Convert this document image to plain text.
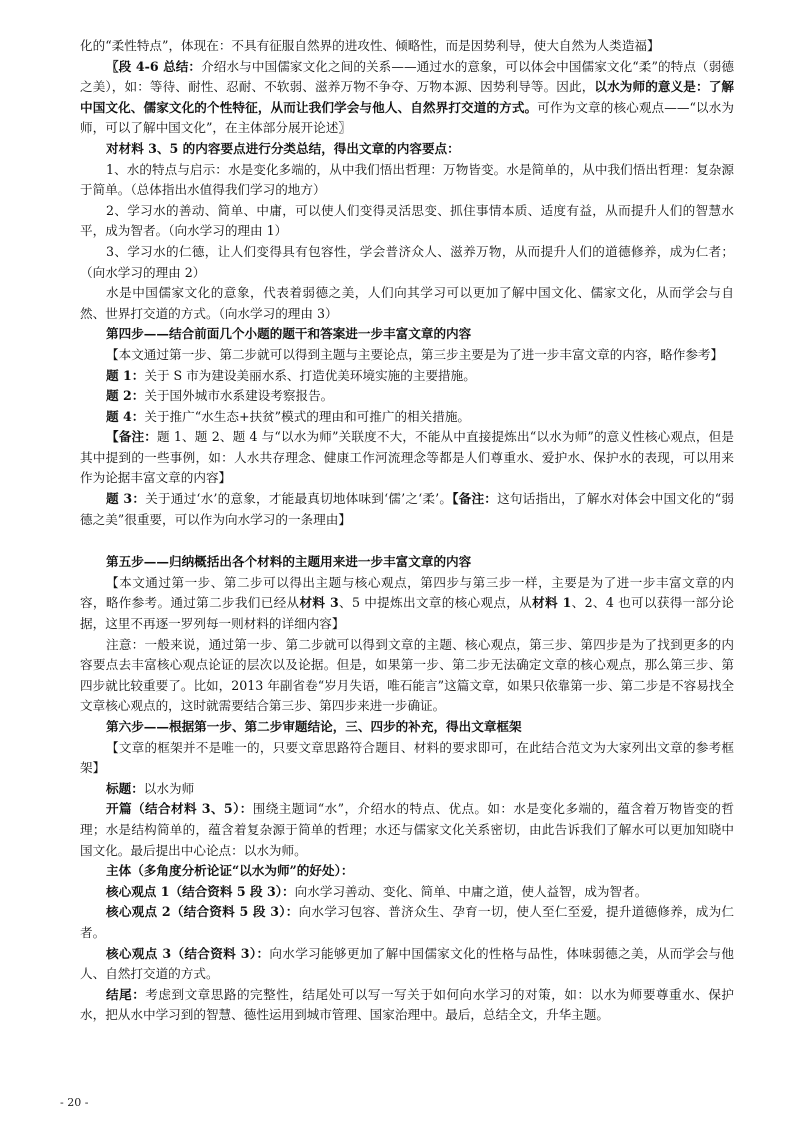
化的“柔性特点”，体现在：不具有征服自然界的进攻性、倾略性，而是因势利导，使大自然为人类造福】

〖段 4-6 总结：介绍水与中国儒家文化之间的关系——通过水的意象，可以体会中国儒家文化“柔”的特点（弱德之美），如：等待、耐性、忍耐、不软弱、滋养万物不争夺、万物本源、因势利导等。因此，以水为师的意义是：了解中国文化、儒家文化的个性特征，从而让我们学会与他人、自然界打交道的方式。可作为文章的核心观点——“以水为师，可以了解中国文化”，在主体部分展开论述〗

对材料 3、5 的内容要点进行分类总结，得出文章的内容要点：

1、水的特点与启示：水是变化多端的，从中我们悟出哲理：万物皆变。水是简单的，从中我们悟出哲理：复杂源于简单。（总体指出水值得我们学习的地方）

2、学习水的善动、简单、中庸，可以使人们变得灵活思变、抓住事情本质、适度有益，从而提升人们的智慧水平，成为智者。（向水学习的理由 1）

3、学习水的仁德，让人们变得具有包容性，学会普济众人、滋养万物，从而提升人们的道德修养，成为仁者；（向水学习的理由 2）

水是中国儒家文化的意象，代表着弱德之美，人们向其学习可以更加了解中国文化、儒家文化，从而学会与自然、世界打交道的方式。（向水学习的理由 3）

第四步——结合前面几个小题的题干和答案进一步丰富文章的内容

【本文通过第一步、第二步就可以得到主题与主要论点，第三步主要是为了进一步丰富文章的内容，略作参考】

题 1：关于 S 市为建设美丽水系、打造优美环境实施的主要措施。

题 2：关于国外城市水系建设考察报告。

题 4：关于推广“水生态+扶贫”模式的理由和可推广的相关措施。

【备注：题 1、题 2、题 4 与“以水为师”关联度不大，不能从中直接提炼出“以水为师”的意义性核心观点，但是其中提到的一些事例，如：人水共存理念、健康工作河流理念等都是人们尊重水、爱护水、保护水的表现，可以用来作为论据丰富文章的内容】

题 3：关于通过‘水’的意象，才能最真切地体味到‘儒’之‘柔’。【备注：这句话指出，了解水对体会中国文化的“弱德之美”很重要，可以作为向水学习的一条理由】

第五步——归纳概括出各个材料的主题用来进一步丰富文章的内容

【本文通过第一步、第二步可以得出主题与核心观点，第四步与第三步一样，主要是为了进一步丰富文章的内容，略作参考。通过第二步我们已经从材料 3、5 中提炼出文章的核心观点，从材料 1、2、4 也可以获得一部分论据，这里不再逐一罗列每一则材料的详细内容】

注意：一般来说，通过第一步、第二步就可以得到文章的主题、核心观点，第三步、第四步是为了找到更多的内容要点去丰富核心观点论证的层次以及论据。但是，如果第一步、第二步无法确定文章的核心观点，那么第三步、第四步就比较重要了。比如，2013 年副省卷“岁月失语，唯石能言”这篇文章，如果只依靠第一步、第二步是不容易找全文章核心观点的，这时就需要结合第三步、第四步来进一步确证。

第六步——根据第一步、第二步审题结论，三、四步的补充，得出文章框架

【文章的框架并不是唯一的，只要文章思路符合题目、材料的要求即可，在此结合范文为大家列出文章的参考框架】

标题：以水为师

开篇（结合材料 3、5）：围绕主题词“水”，介绍水的特点、优点。如：水是变化多端的，蕴含着万物皆变的哲理；水是结构简单的，蕴含着复杂源于简单的哲理；水还与儒家文化关系密切，由此告诉我们了解水可以更加知晓中国文化。最后提出中心论点：以水为师。

主体（多角度分析论证“以水为师”的好处）：

核心观点 1（结合资料 5 段 3）：向水学习善动、变化、简单、中庸之道，使人益智，成为智者。

核心观点 2（结合资料 5 段 3）：向水学习包容、普济众生、孕育一切，使人至仁至爱，提升道德修养，成为仁者。

核心观点 3（结合资料 3）：向水学习能够更加了解中国儒家文化的性格与品性，体味弱德之美，从而学会与他人、自然打交道的方式。

结尾：考虑到文章思路的完整性，结尾处可以写一写关于如何向水学习的对策，如：以水为师要尊重水、保护水，把从水中学习到的智慧、德性运用到城市管理、国家治理中。最后，总结全文，升华主题。

- 20 -
